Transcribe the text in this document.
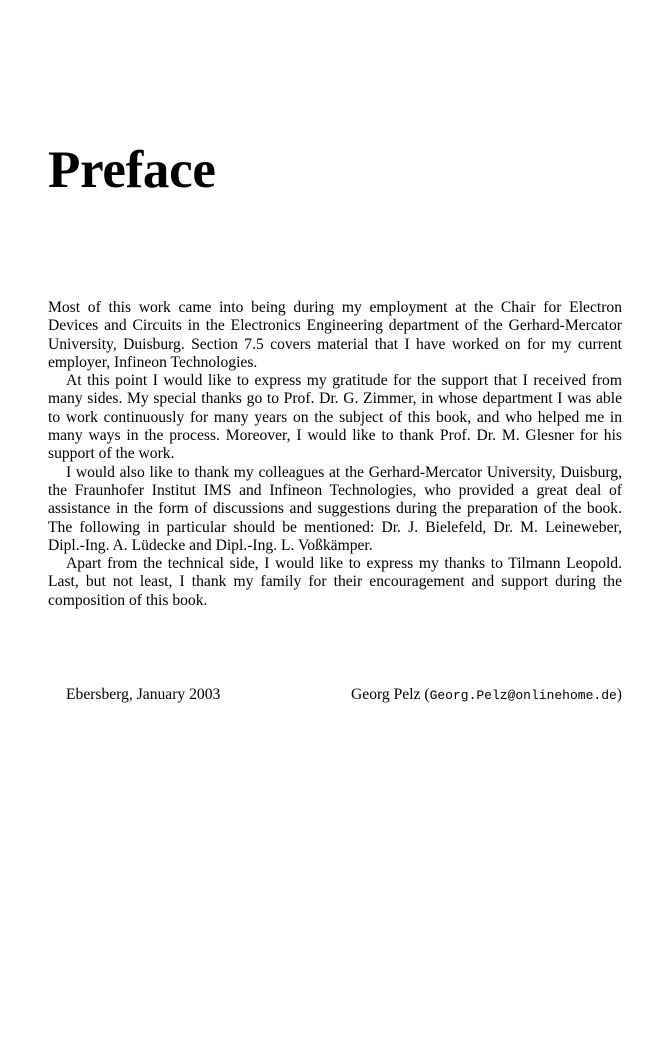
Preface

Most of this work came into being during my employment at the Chair for Electron Devices and Circuits in the Electronics Engineering department of the Gerhard-Mercator University, Duisburg. Section 7.5 covers material that I have worked on for my current employer, Infineon Technologies.

At this point I would like to express my gratitude for the support that I received from many sides. My special thanks go to Prof. Dr. G. Zimmer, in whose department I was able to work continuously for many years on the subject of this book, and who helped me in many ways in the process. Moreover, I would like to thank Prof. Dr. M. Glesner for his support of the work.

I would also like to thank my colleagues at the Gerhard-Mercator University, Duisburg, the Fraunhofer Institut IMS and Infineon Technologies, who provided a great deal of assistance in the form of discussions and suggestions during the preparation of the book. The following in particular should be mentioned: Dr. J. Bielefeld, Dr. M. Leineweber, Dipl.-Ing. A. Lüdecke and Dipl.-Ing. L. Voßkämper.

Apart from the technical side, I would like to express my thanks to Tilmann Leopold. Last, but not least, I thank my family for their encouragement and support during the composition of this book.

Ebersberg, January 2003	Georg Pelz (Georg.Pelz@onlinehome.de)
